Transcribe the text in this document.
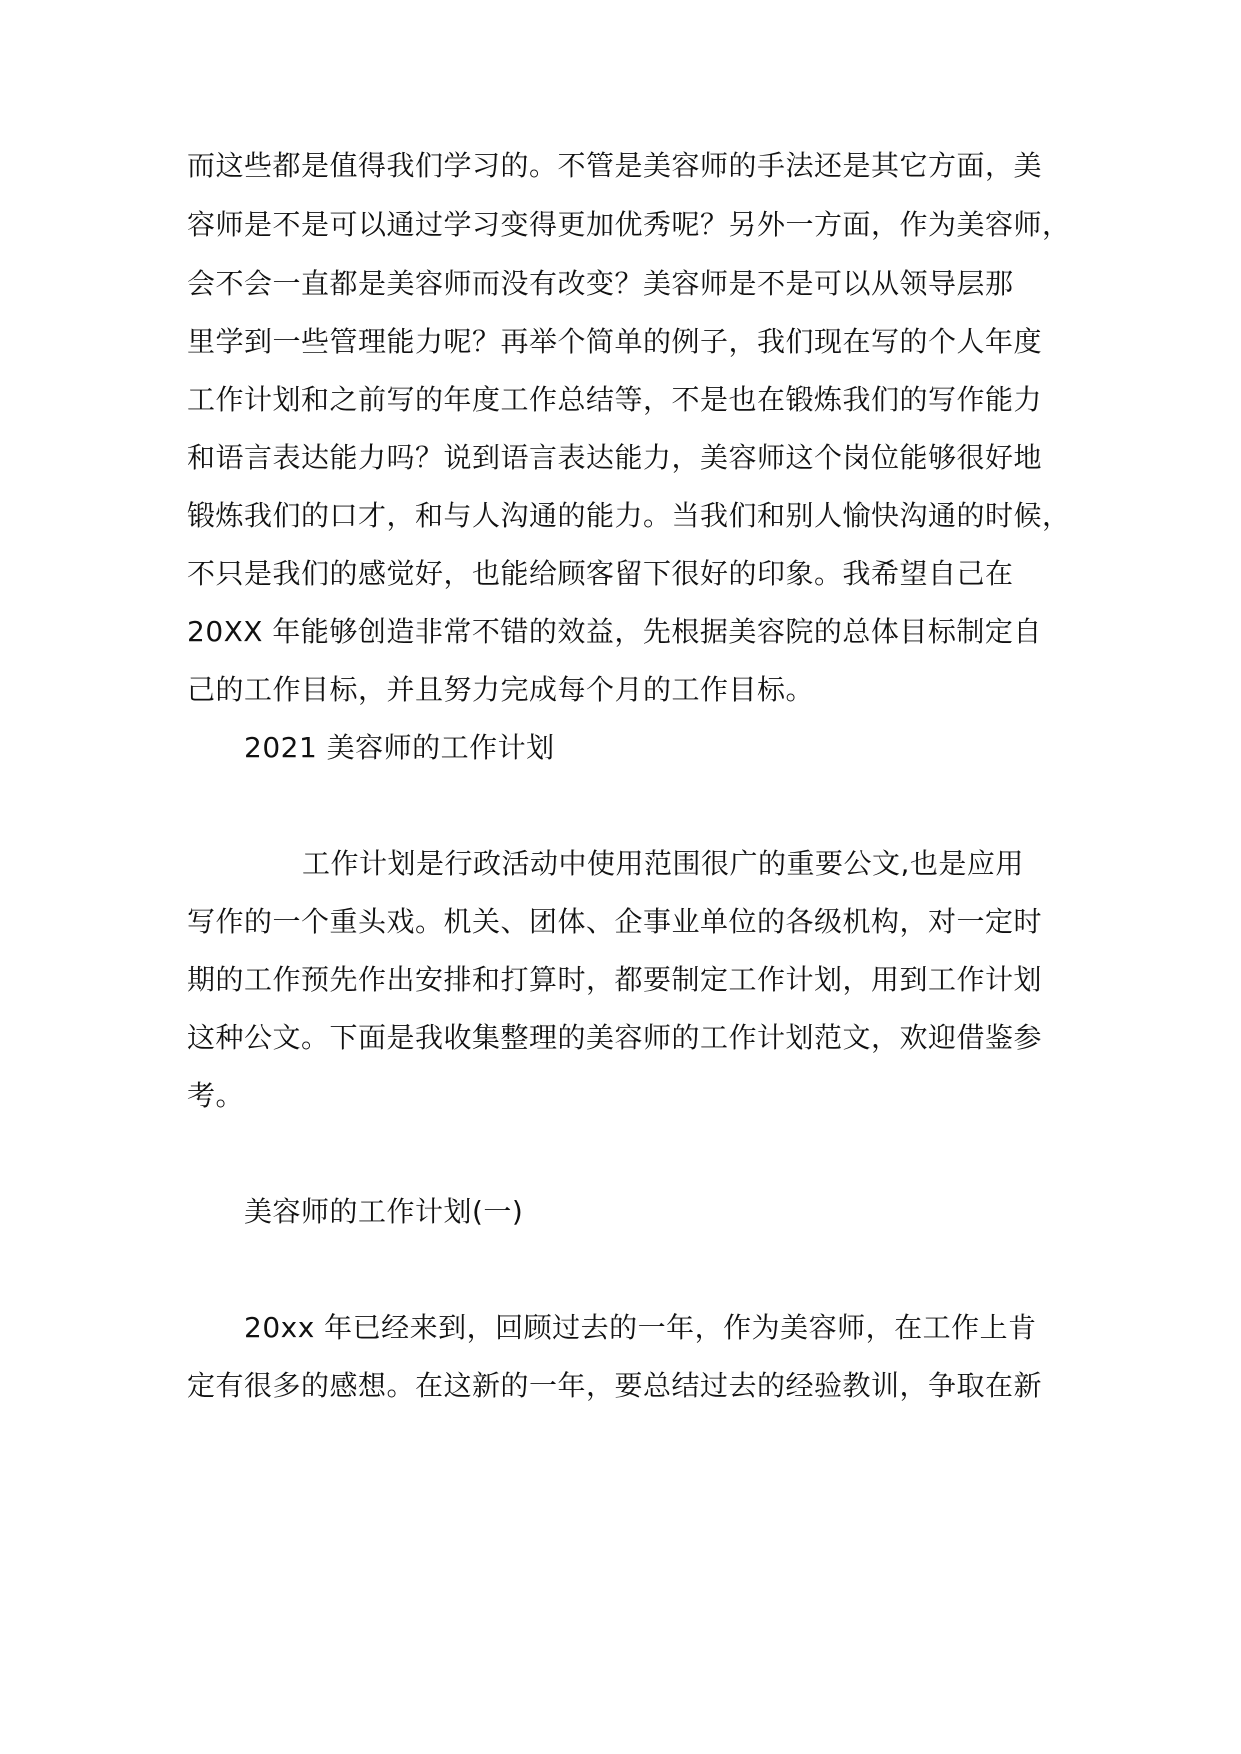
而这些都是值得我们学习的。不管是美容师的手法还是其它方面，美
容师是不是可以通过学习变得更加优秀呢？另外一方面，作为美容师，
会不会一直都是美容师而没有改变？美容师是不是可以从领导层那
里学到一些管理能力呢？再举个简单的例子，我们现在写的个人年度
工作计划和之前写的年度工作总结等，不是也在锻炼我们的写作能力
和语言表达能力吗？说到语言表达能力，美容师这个岗位能够很好地
锻炼我们的口才，和与人沟通的能力。当我们和别人愉快沟通的时候，
不只是我们的感觉好，也能给顾客留下很好的印象。我希望自己在
20XX 年能够创造非常不错的效益，先根据美容院的总体目标制定自
己的工作目标，并且努力完成每个月的工作目标。
2021 美容师的工作计划
工作计划是行政活动中使用范围很广的重要公文,也是应用
写作的一个重头戏。机关、团体、企事业单位的各级机构，对一定时
期的工作预先作出安排和打算时，都要制定工作计划，用到工作计划
这种公文。下面是我收集整理的美容师的工作计划范文，欢迎借鉴参
考。
美容师的工作计划(一)
20xx 年已经来到，回顾过去的一年，作为美容师，在工作上肯
定有很多的感想。在这新的一年，要总结过去的经验教训，争取在新
